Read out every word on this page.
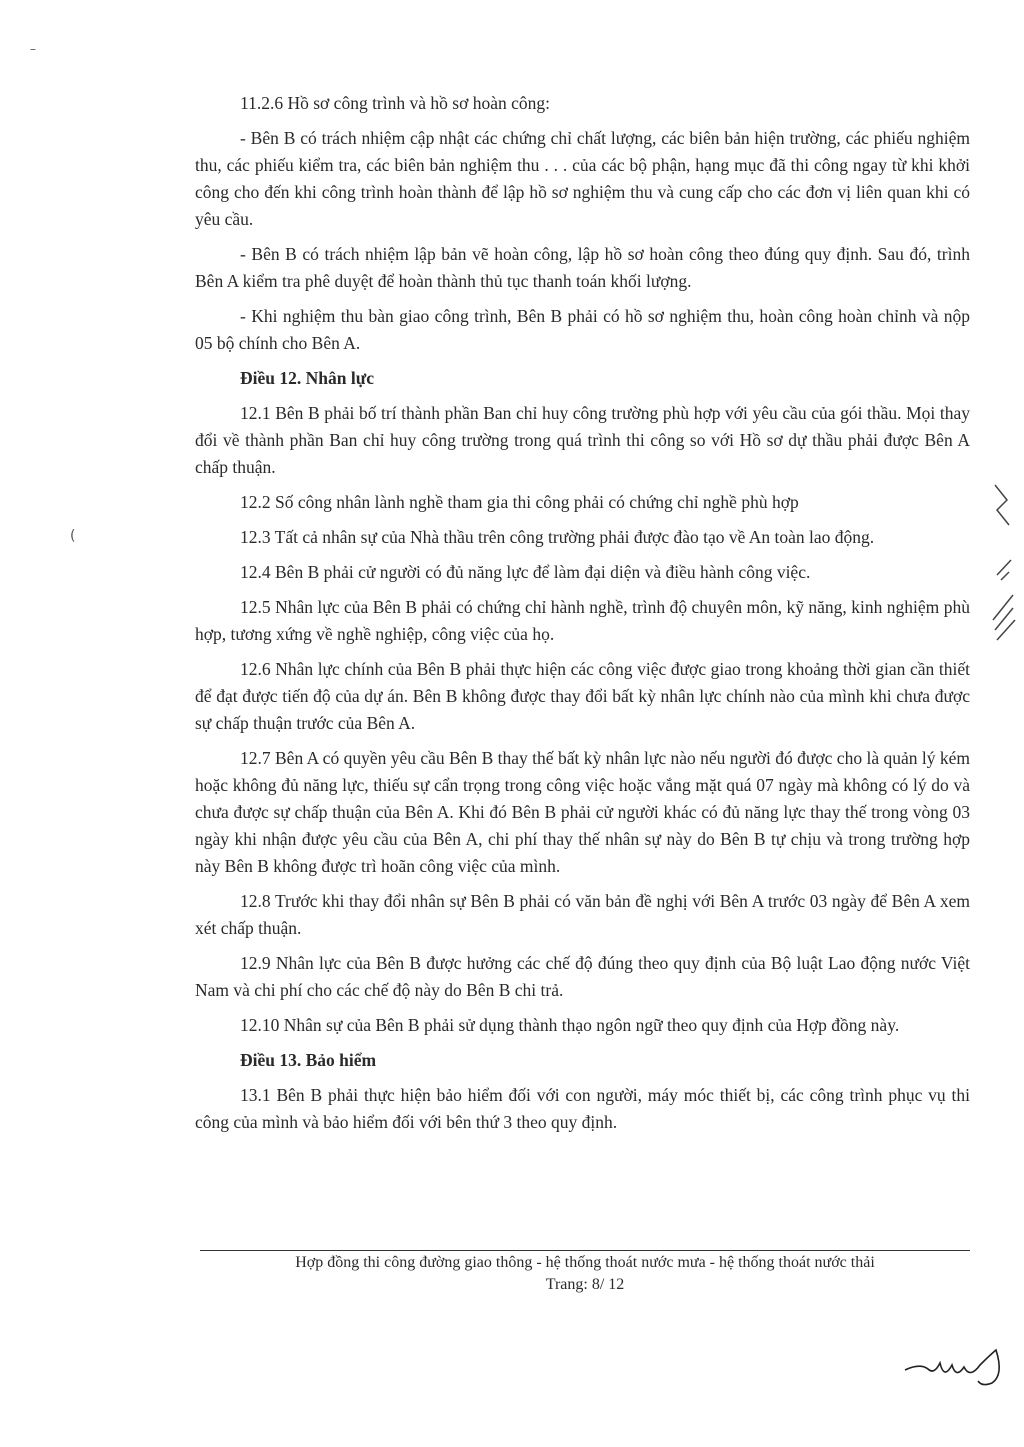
11.2.6 Hồ sơ công trình và hồ sơ hoàn công:

- Bên B có trách nhiệm cập nhật các chứng chỉ chất lượng, các biên bản hiện trường, các phiếu nghiệm thu, các phiếu kiểm tra, các biên bản nghiệm thu . . . của các bộ phận, hạng mục đã thi công ngay từ khi khởi công cho đến khi công trình hoàn thành để lập hồ sơ nghiệm thu và cung cấp cho các đơn vị liên quan khi có yêu cầu.

- Bên B có trách nhiệm lập bản vẽ hoàn công, lập hồ sơ hoàn công theo đúng quy định. Sau đó, trình Bên A kiểm tra phê duyệt để hoàn thành thủ tục thanh toán khối lượng.

- Khi nghiệm thu bàn giao công trình, Bên B phải có hồ sơ nghiệm thu, hoàn công hoàn chỉnh và nộp 05 bộ chính cho Bên A.

Điều 12. Nhân lực

12.1 Bên B phải bố trí thành phần Ban chỉ huy công trường phù hợp với yêu cầu của gói thầu. Mọi thay đổi về thành phần Ban chỉ huy công trường trong quá trình thi công so với Hồ sơ dự thầu phải được Bên A chấp thuận.

12.2 Số công nhân lành nghề tham gia thi công phải có chứng chỉ nghề phù hợp

12.3 Tất cả nhân sự của Nhà thầu trên công trường phải được đào tạo về An toàn lao động.

12.4 Bên B phải cử người có đủ năng lực để làm đại diện và điều hành công việc.

12.5 Nhân lực của Bên B phải có chứng chỉ hành nghề, trình độ chuyên môn, kỹ năng, kinh nghiệm phù hợp, tương xứng về nghề nghiệp, công việc của họ.

12.6 Nhân lực chính của Bên B phải thực hiện các công việc được giao trong khoảng thời gian cần thiết để đạt được tiến độ của dự án. Bên B không được thay đổi bất kỳ nhân lực chính nào của mình khi chưa được sự chấp thuận trước của Bên A.

12.7 Bên A có quyền yêu cầu Bên B thay thế bất kỳ nhân lực nào nếu người đó được cho là quản lý kém hoặc không đủ năng lực, thiếu sự cẩn trọng trong công việc hoặc vắng mặt quá 07 ngày mà không có lý do và chưa được sự chấp thuận của Bên A. Khi đó Bên B phải cử người khác có đủ năng lực thay thế trong vòng 03 ngày khi nhận được yêu cầu của Bên A, chi phí thay thế nhân sự này do Bên B tự chịu và trong trường hợp này Bên B không được trì hoãn công việc của mình.

12.8 Trước khi thay đổi nhân sự Bên B phải có văn bản đề nghị với Bên A trước 03 ngày để Bên A xem xét chấp thuận.

12.9 Nhân lực của Bên B được hưởng các chế độ đúng theo quy định của Bộ luật Lao động nước Việt Nam và chi phí cho các chế độ này do Bên B chi trả.

12.10 Nhân sự của Bên B phải sử dụng thành thạo ngôn ngữ theo quy định của Hợp đồng này.

Điều 13. Bảo hiểm

13.1 Bên B phải thực hiện bảo hiểm đối với con người, máy móc thiết bị, các công trình phục vụ thi công của mình và bảo hiểm đối với bên thứ 3 theo quy định.

Hợp đồng thi công đường giao thông - hệ thống thoát nước mưa - hệ thống thoát nước thải
Trang: 8/ 12
–
(
